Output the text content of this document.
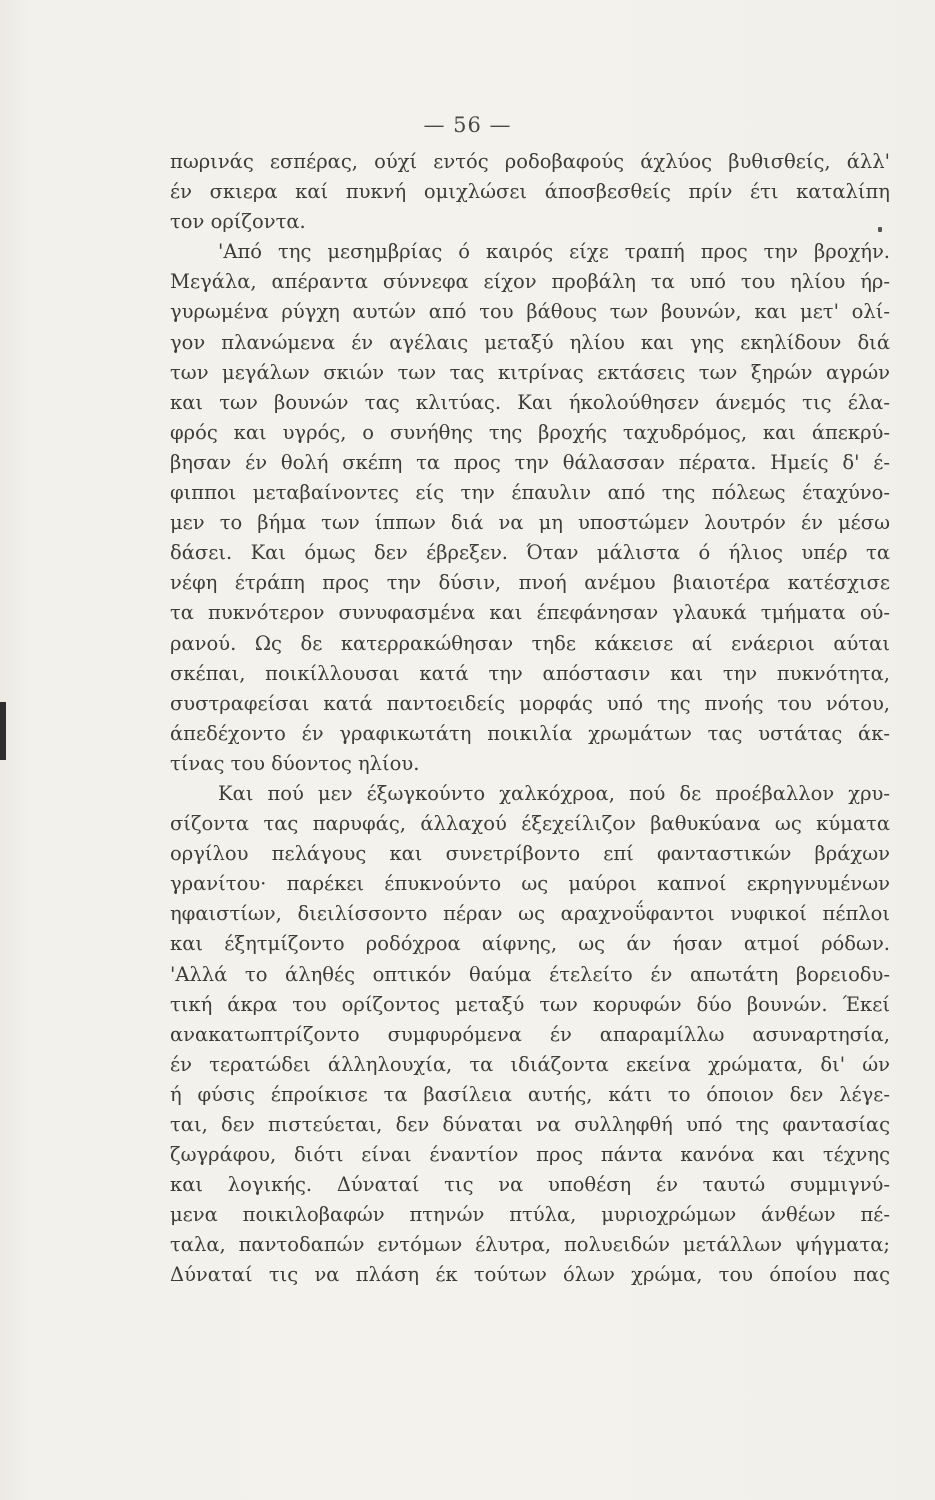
— 56 —
πωρινάς εσπέρας, ούχί εντός ροδοβαφούς άχλύος βυθισθείς, άλλ'
έν σκιερα καί πυκνή ομιχλώσει άποσβεσθείς πρίν έτι καταλίπη
τον ορίζοντα.
'Από της μεσημβρίας ό καιρός είχε τραπή προς την βροχήν.
Μεγάλα, απέραντα σύννεφα είχον προβάλη τα υπό του ηλίου ήρ-
γυρωμένα ρύγχη αυτών από του βάθους των βουνών, και μετ' ολί-
γον πλανώμενα έν αγέλαις μεταξύ ηλίου και γης εκηλίδουν διά
των μεγάλων σκιών των τας κιτρίνας εκτάσεις των ξηρών αγρών
και των βουνών τας κλιτύας. Και ήκολούθησεν άνεμός τις έλα-
φρός και υγρός, ο συνήθης της βροχής ταχυδρόμος, και άπεκρύ-
βησαν έν θολή σκέπη τα προς την θάλασσαν πέρατα. Ημείς δ' έ-
φιπποι μεταβαίνοντες είς την έπαυλιν από της πόλεως έταχύνο-
μεν το βήμα των ίππων διά να μη υποστώμεν λουτρόν έν μέσω
δάσει. Και όμως δεν έβρεξεν. Όταν μάλιστα ό ήλιος υπέρ τα
νέφη έτράπη προς την δύσιν, πνοή ανέμου βιαιοτέρα κατέσχισε
τα πυκνότερον συνυφασμένα και έπεφάνησαν γλαυκά τμήματα ού-
ρανού. Ως δε κατερρακώθησαν τηδε κάκεισε αί ενάεριοι αύται
σκέπαι, ποικίλλουσαι κατά την απόστασιν και την πυκνότητα,
συστραφείσαι κατά παντοειδείς μορφάς υπό της πνοής του νότου,
άπεδέχοντο έν γραφικωτάτη ποικιλία χρωμάτων τας υστάτας άκ-
τίνας του δύοντος ηλίου.
Και πού μεν έξωγκούντο χαλκόχροα, πού δε προέβαλλον χρυ-
σίζοντα τας παρυφάς, άλλαχού έξεχείλιζον βαθυκύανα ως κύματα
οργίλου πελάγους και συνετρίβοντο επί φανταστικών βράχων
γρανίτου· παρέκει έπυκνούντο ως μαύροι καπνοί εκρηγνυμένων
ηφαιστίων, διειλίσσοντο πέραν ως αραχνοΰφαντοι νυφικοί πέπλοι
και έξητμίζοντο ροδόχροα αίφνης, ως άν ήσαν ατμοί ρόδων.
'Αλλά το άληθές οπτικόν θαύμα έτελείτο έν απωτάτη βορειοδυ-
τική άκρα του ορίζοντος μεταξύ των κορυφών δύο βουνών. Έκεί
ανακατωπτρίζοντο συμφυρόμενα έν απαραμίλλω ασυναρτησία,
έν τερατώδει άλληλουχία, τα ιδιάζοντα εκείνα χρώματα, δι' ών
ή φύσις έπροίκισε τα βασίλεια αυτής, κάτι το όποιον δεν λέγε-
ται, δεν πιστεύεται, δεν δύναται να συλληφθή υπό της φαντασίας
ζωγράφου, διότι είναι έναντίον προς πάντα κανόνα και τέχνης
και λογικής. Δύναταί τις να υποθέση έν ταυτώ συμμιγνύ-
μενα ποικιλοβαφών πτηνών πτύλα, μυριοχρώμων άνθέων πέ-
ταλα, παντοδαπών εντόμων έλυτρα, πολυειδών μετάλλων ψήγματα;
Δύναταί τις να πλάση έκ τούτων όλων χρώμα, του όποίου πας
